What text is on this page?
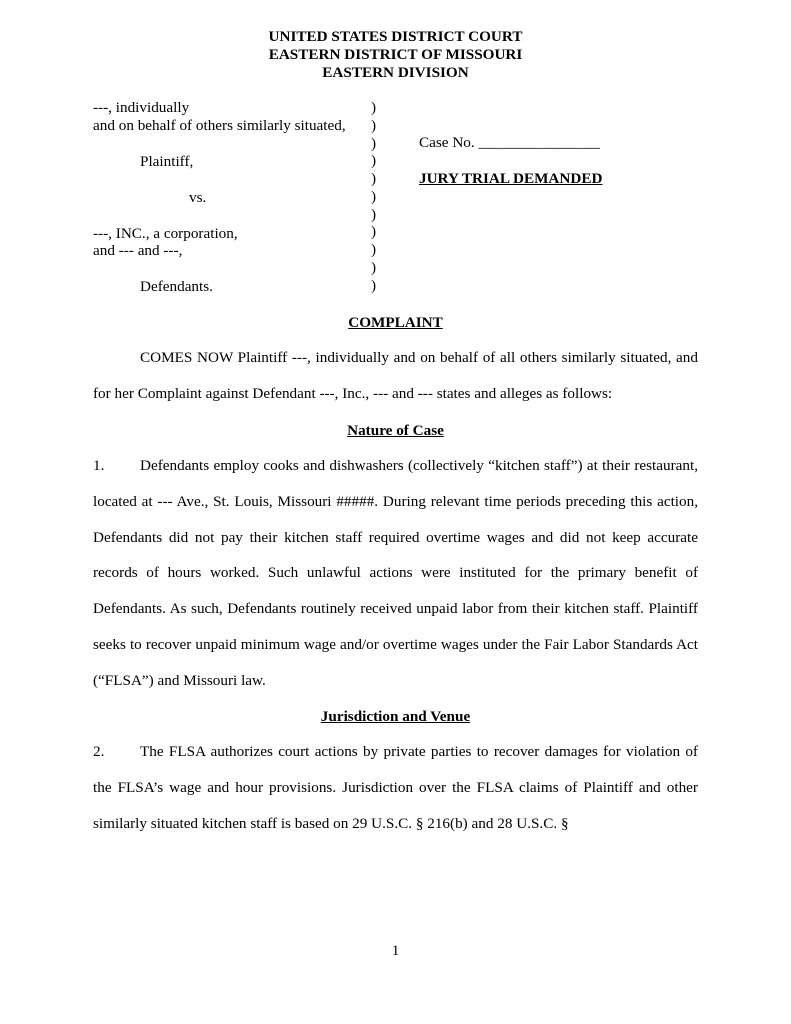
UNITED STATES DISTRICT COURT
EASTERN DISTRICT OF MISSOURI
EASTERN DIVISION
---, individually
and on behalf of others similarly situated,
Plaintiff,
vs.
---, INC., a corporation,
and --- and ---,
Defendants.
)
)
)
)
)
)
)
)
)
)
)
Case No. ________________
JURY TRIAL DEMANDED
COMPLAINT
COMES NOW Plaintiff ---, individually and on behalf of all others similarly situated, and for her Complaint against Defendant ---, Inc., --- and --- states and alleges as follows:
Nature of Case
1. Defendants employ cooks and dishwashers (collectively “kitchen staff”) at their restaurant, located at --- Ave., St. Louis, Missouri #####. During relevant time periods preceding this action, Defendants did not pay their kitchen staff required overtime wages and did not keep accurate records of hours worked. Such unlawful actions were instituted for the primary benefit of Defendants. As such, Defendants routinely received unpaid labor from their kitchen staff. Plaintiff seeks to recover unpaid minimum wage and/or overtime wages under the Fair Labor Standards Act (“FLSA”) and Missouri law.
Jurisdiction and Venue
2. The FLSA authorizes court actions by private parties to recover damages for violation of the FLSA’s wage and hour provisions. Jurisdiction over the FLSA claims of Plaintiff and other similarly situated kitchen staff is based on 29 U.S.C. § 216(b) and 28 U.S.C. §
1
